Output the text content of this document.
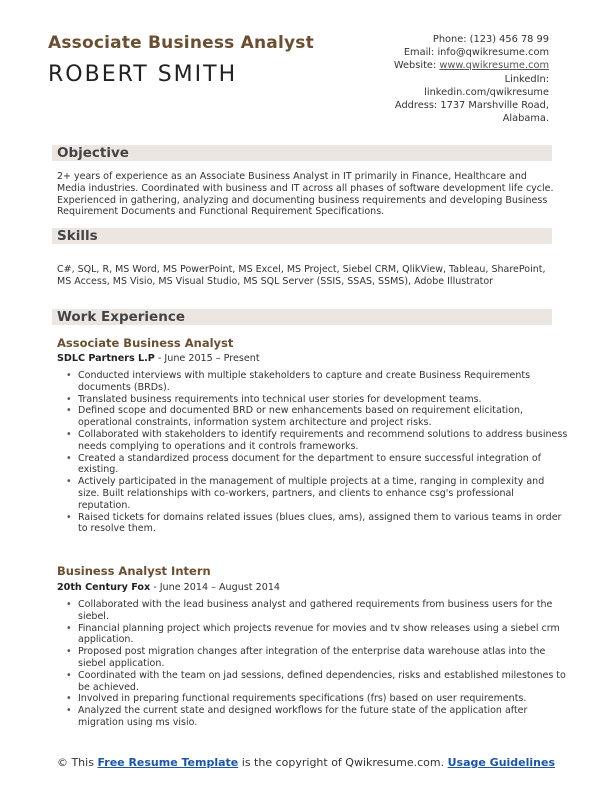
Associate Business Analyst
ROBERT SMITH
Phone: (123) 456 78 99
Email: info@qwikresume.com
Website: www.qwikresume.com
LinkedIn:
linkedin.com/qwikresume
Address: 1737 Marshville Road,
Alabama.
Objective
2+ years of experience as an Associate Business Analyst in IT primarily in Finance, Healthcare and Media industries. Coordinated with business and IT across all phases of software development life cycle. Experienced in gathering, analyzing and documenting business requirements and developing Business Requirement Documents and Functional Requirement Specifications.
Skills
C#, SQL, R, MS Word, MS PowerPoint, MS Excel, MS Project, Siebel CRM, QlikView, Tableau, SharePoint, MS Access, MS Visio, MS Visual Studio, MS SQL Server (SSIS, SSAS, SSMS), Adobe Illustrator
Work Experience
Associate Business Analyst
SDLC Partners L.P - June 2015 – Present
• Conducted interviews with multiple stakeholders to capture and create Business Requirements documents (BRDs).
• Translated business requirements into technical user stories for development teams.
• Defined scope and documented BRD or new enhancements based on requirement elicitation, operational constraints, information system architecture and project risks.
• Collaborated with stakeholders to identify requirements and recommend solutions to address business needs complying to operations and it controls frameworks.
• Created a standardized process document for the department to ensure successful integration of existing.
• Actively participated in the management of multiple projects at a time, ranging in complexity and size. Built relationships with co-workers, partners, and clients to enhance csg's professional reputation.
• Raised tickets for domains related issues (blues clues, ams), assigned them to various teams in order to resolve them.
Business Analyst Intern
20th Century Fox - June 2014 – August 2014
• Collaborated with the lead business analyst and gathered requirements from business users for the siebel.
• Financial planning project which projects revenue for movies and tv show releases using a siebel crm application.
• Proposed post migration changes after integration of the enterprise data warehouse atlas into the siebel application.
• Coordinated with the team on jad sessions, defined dependencies, risks and established milestones to be achieved.
• Involved in preparing functional requirements specifications (frs) based on user requirements.
• Analyzed the current state and designed workflows for the future state of the application after migration using ms visio.
© This Free Resume Template is the copyright of Qwikresume.com. Usage Guidelines
